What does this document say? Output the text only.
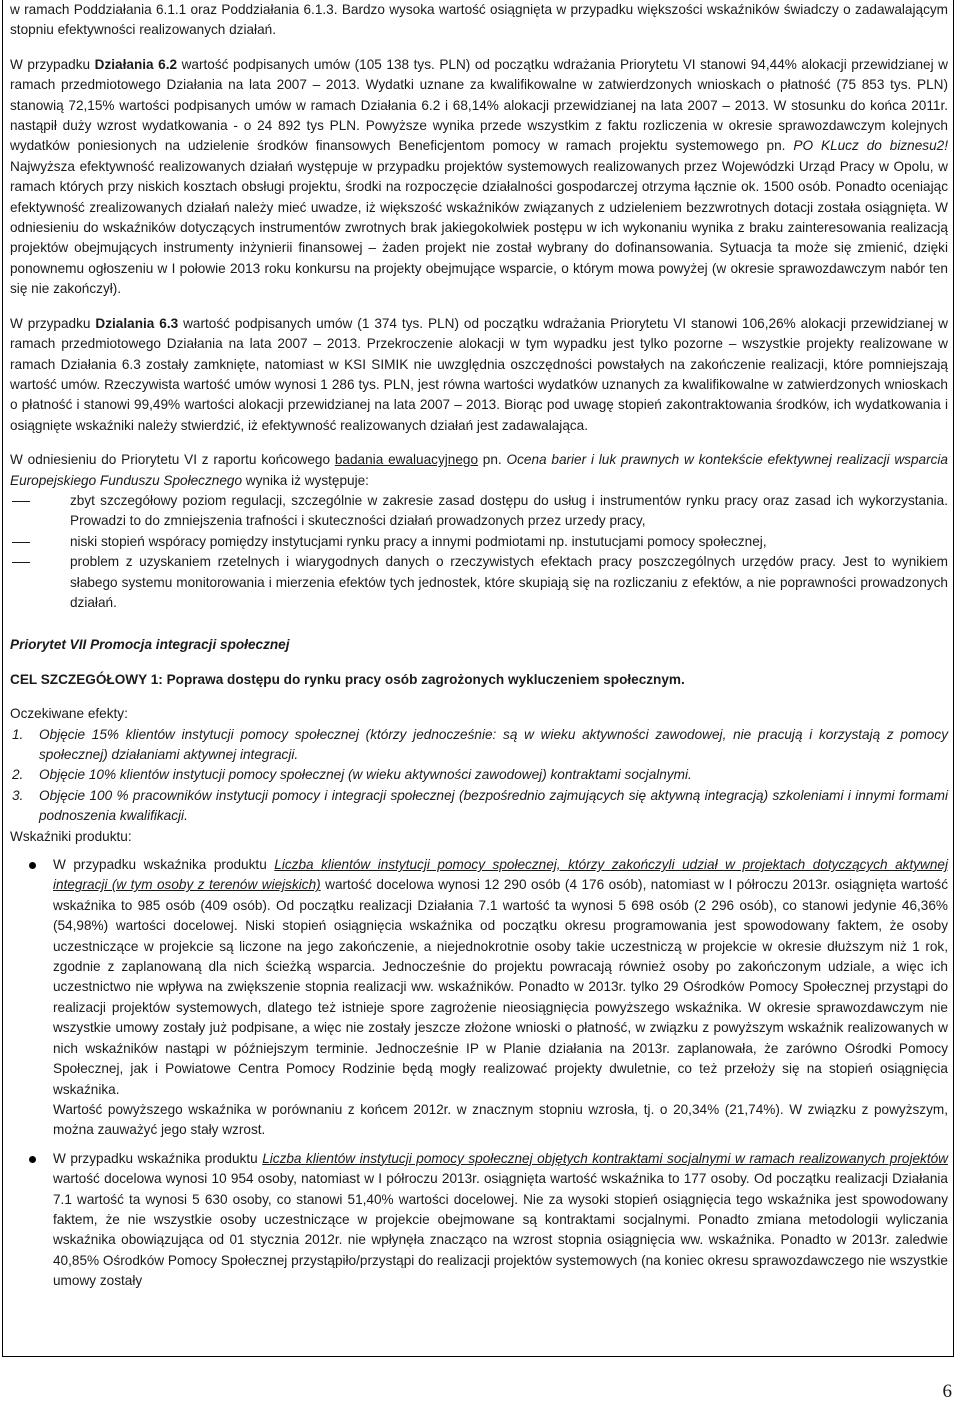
w ramach Poddziałania 6.1.1 oraz Poddziałania 6.1.3. Bardzo wysoka wartość osiągnięta w przypadku większości wskaźników świadczy o zadawalającym stopniu efektywności realizowanych działań.

W przypadku Działania 6.2 wartość podpisanych umów (105 138 tys. PLN) od początku wdrażania Priorytetu VI stanowi 94,44% alokacji przewidzianej w ramach przedmiotowego Działania na lata 2007 – 2013. Wydatki uznane za kwalifikowalne w zatwierdzonych wnioskach o płatność (75 853 tys. PLN) stanowią 72,15% wartości podpisanych umów w ramach Działania 6.2 i 68,14% alokacji przewidzianej na lata 2007 – 2013. W stosunku do końca 2011r. nastąpił duży wzrost wydatkowania - o 24 892 tys PLN. Powyższe wynika przede wszystkim z faktu rozliczenia w okresie sprawozdawczym kolejnych wydatków poniesionych na udzielenie środków finansowych Beneficjentom pomocy w ramach projektu systemowego pn. PO KLucz do biznesu2! Najwyższa efektywność realizowanych działań występuje w przypadku projektów systemowych realizowanych przez Wojewódzki Urząd Pracy w Opolu, w ramach których przy niskich kosztach obsługi projektu, środki na rozpoczęcie działalności gospodarczej otrzyma łącznie ok. 1500 osób. Ponadto oceniając efektywność zrealizowanych działań należy mieć uwadze, iż większość wskaźników związanych z udzieleniem bezzwrotnych dotacji została osiągnięta. W odniesieniu do wskaźników dotyczących instrumentów zwrotnych brak jakiegokolwiek postępu w ich wykonaniu wynika z braku zainteresowania realizacją projektów obejmujących instrumenty inżynierii finansowej – żaden projekt nie został wybrany do dofinansowania. Sytuacja ta może się zmienić, dzięki ponownemu ogłoszeniu w I połowie 2013 roku konkursu na projekty obejmujące wsparcie, o którym mowa powyżej (w okresie sprawozdawczym nabór ten się nie zakończył).

W przypadku Dzialania 6.3 wartość podpisanych umów (1 374 tys. PLN) od początku wdrażania Priorytetu VI stanowi 106,26% alokacji przewidzianej w ramach przedmiotowego Działania na lata 2007 – 2013. Przekroczenie alokacji w tym wypadku jest tylko pozorne – wszystkie projekty realizowane w ramach Działania 6.3 zostały zamknięte, natomiast w KSI SIMIK nie uwzględnia oszczędności powstałych na zakończenie realizacji, które pomniejszają wartość umów. Rzeczywista wartość umów wynosi 1 286 tys. PLN, jest równa wartości wydatków uznanych za kwalifikowalne w zatwierdzonych wnioskach o płatność i stanowi 99,49% wartości alokacji przewidzianej na lata 2007 – 2013. Biorąc pod uwagę stopień zakontraktowania środków, ich wydatkowania i osiągnięte wskaźniki należy stwierdzić, iż efektywność realizowanych działań jest zadawalająca.

W odniesieniu do Priorytetu VI z raportu końcowego badania ewaluacyjnego pn. Ocena barier i luk prawnych w kontekście efektywnej realizacji wsparcia Europejskiego Funduszu Społecznego wynika iż występuje:

zbyt szczegółowy poziom regulacji, szczególnie w zakresie zasad dostępu do usług i instrumentów rynku pracy oraz zasad ich wykorzystania. Prowadzi to do zmniejszenia trafności i skuteczności działań prowadzonych przez urzedy pracy,
niski stopień wspóracy pomiędzy instytucjami rynku pracy a innymi podmiotami np. instutucjami pomocy społecznej,
problem z uzyskaniem rzetelnych i wiarygodnych danych o rzeczywistych efektach pracy poszczególnych urzędów pracy. Jest to wynikiem słabego systemu monitorowania i mierzenia efektów tych jednostek, które skupiają się na rozliczaniu z efektów, a nie poprawności prowadzonych działań.

Priorytet VII Promocja integracji społecznej

CEL SZCZEGÓŁOWY 1: Poprawa dostępu do rynku pracy osób zagrożonych wykluczeniem społecznym.

Oczekiwane efekty:

1. Objęcie 15% klientów instytucji pomocy społecznej (którzy jednocześnie: są w wieku aktywności zawodowej, nie pracują i korzystają z pomocy społecznej) działaniami aktywnej integracji.
2. Objęcie 10% klientów instytucji pomocy społecznej (w wieku aktywności zawodowej) kontraktami socjalnymi.
3. Objęcie 100 % pracowników instytucji pomocy i integracji społecznej (bezpośrednio zajmujących się aktywną integracją) szkoleniami i innymi formami podnoszenia kwalifikacji.

Wskaźniki produktu:

W przypadku wskaźnika produktu Liczba klientów instytucji pomocy społecznej, którzy zakończyli udział w projektach dotyczących aktywnej integracji (w tym osoby z terenów wiejskich) wartość docelowa wynosi 12 290 osób (4 176 osób), natomiast w I półroczu 2013r. osiągnięta wartość wskaźnika to 985 osób (409 osób). Od początku realizacji Działania 7.1 wartość ta wynosi 5 698 osób (2 296 osób), co stanowi jedynie 46,36% (54,98%) wartości docelowej. Niski stopień osiągnięcia wskaźnika od początku okresu programowania jest spowodowany faktem, że osoby uczestniczące w projekcie są liczone na jego zakończenie, a niejednokrotnie osoby takie uczestniczą w projekcie w okresie dłuższym niż 1 rok, zgodnie z zaplanowaną dla nich ścieżką wsparcia. Jednocześnie do projektu powracają również osoby po zakończonym udziale, a więc ich uczestnictwo nie wpływa na zwiększenie stopnia realizacji ww. wskaźników. Ponadto w 2013r. tylko 29 Ośrodków Pomocy Społecznej przystąpi do realizacji projektów systemowych, dlatego też istnieje spore zagrożenie nieosiągnięcia powyższego wskaźnika. W okresie sprawozdawczym nie wszystkie umowy zostały już podpisane, a więc nie zostały jeszcze złożone wnioski o płatność, w związku z powyższym wskaźnik realizowanych w nich wskaźników nastąpi w późniejszym terminie. Jednocześnie IP w Planie działania na 2013r. zaplanowała, że zarówno Ośrodki Pomocy Społecznej, jak i Powiatowe Centra Pomocy Rodzinie będą mogły realizować projekty dwuletnie, co też przełoży się na stopień osiągnięcia wskaźnika.
Wartość powyższego wskaźnika w porównaniu z końcem 2012r. w znacznym stopniu wzrosła, tj. o 20,34% (21,74%). W związku z powyższym, można zauważyć jego stały wzrost.
W przypadku wskaźnika produktu Liczba klientów instytucji pomocy społecznej objętych kontraktami socjalnymi w ramach realizowanych projektów wartość docelowa wynosi 10 954 osoby, natomiast w I półroczu 2013r. osiągnięta wartość wskaźnika to 177 osoby. Od początku realizacji Działania 7.1 wartość ta wynosi 5 630 osoby, co stanowi 51,40% wartości docelowej. Nie za wysoki stopień osiągnięcia tego wskaźnika jest spowodowany faktem, że nie wszystkie osoby uczestniczące w projekcie obejmowane są kontraktami socjalnymi. Ponadto zmiana metodologii wyliczania wskaźnika obowiązująca od 01 stycznia 2012r. nie wpłynęła znacząco na wzrost stopnia osiągnięcia ww. wskaźnika. Ponadto w 2013r. zaledwie 40,85% Ośrodków Pomocy Społecznej przystąpiło/przystąpi do realizacji projektów systemowych (na koniec okresu sprawozdawczego nie wszystkie umowy zostały
6
